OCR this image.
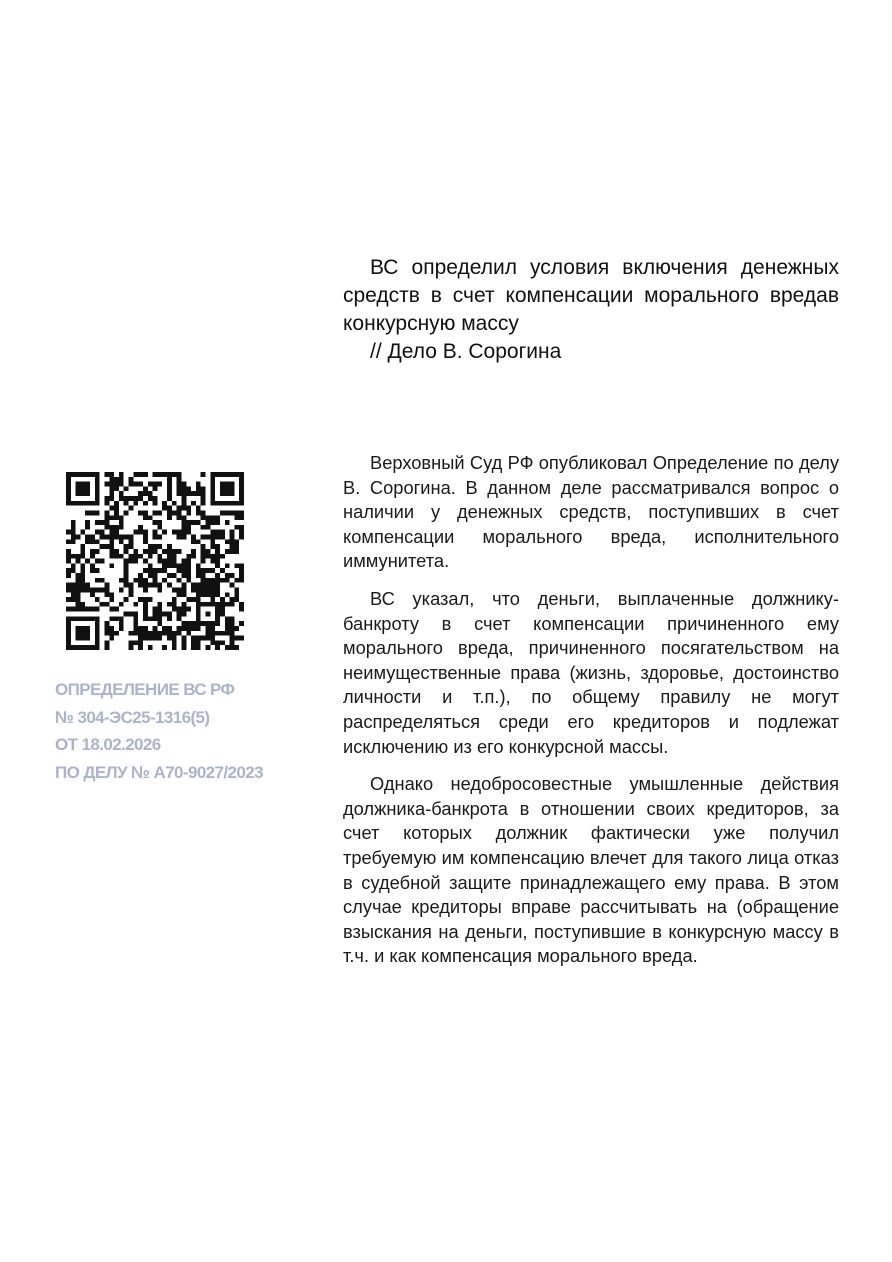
ВС определил условия включения денежных средств в счет компенсации морального вредав конкурсную массу
// Дело В. Сорогина
ОПРЕДЕЛЕНИЕ ВС РФ
№ 304-ЭС25-1316(5)
ОТ 18.02.2026
ПО ДЕЛУ № А70-9027/2023

Верховный Суд РФ опубликовал Определение по делу В. Сорогина. В данном деле рассматривался вопрос о наличии у денежных средств, поступивших в счет компенсации морального вреда, исполнительного иммунитета.

ВС указал, что деньги, выплаченные должнику-банкроту в счет компенсации причиненного ему морального вреда, причиненного посягательством на неимущественные права (жизнь, здоровье, достоинство личности и т.п.), по общему правилу не могут распределяться среди его кредиторов и подлежат исключению из его конкурсной массы.

Однако недобросовестные умышленные действия должника-банкрота в отношении своих кредиторов, за счет которых должник фактически уже получил требуемую им компенсацию влечет для такого лица отказ в судебной защите принадлежащего ему права. В этом случае кредиторы вправе рассчитывать на (обращение взыскания на деньги, поступившие в конкурсную массу в т.ч. и как компенсация морального вреда.
